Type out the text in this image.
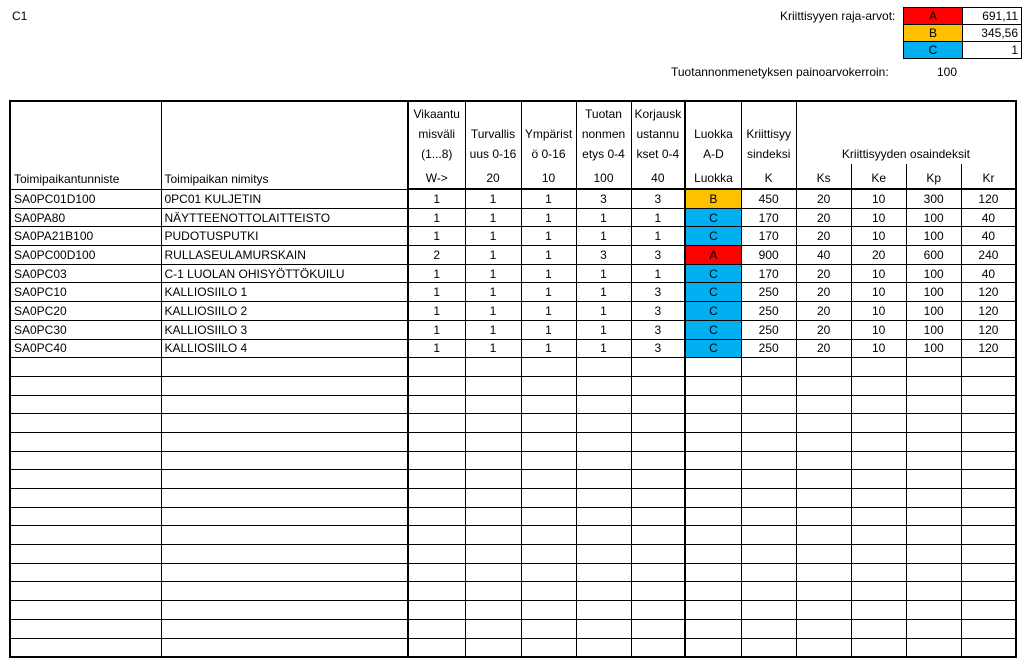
C1	Kriittisyyen raja-arvot:	A	691,11
B	345,56
C	1
Tuotannonmenetyksen painoarvokerroin:	100
Toimipaikantunniste	Toimipaikan nimitys	Vikaantu misväli (1...8)	Turvallis uus 0-16	Ympärist ö 0-16	Tuotan nonmen etys 0-4	Korjausk ustannu kset 0-4	Luokka A-D	Kriittisyy sindeksi	Kriittisyyden osaindeksit			
		W->	20	10	100	40	Luokka	K	Ks	Ke	Kp	Kr
SA0PC01D100	0PC01 KULJETIN	1	1	1	3	3	B	450	20	10	300	120
SA0PA80	NÄYTTEENOTTOLAITTEISTO	1	1	1	1	1	C	170	20	10	100	40
SA0PA21B100	PUDOTUSPUTKI	1	1	1	1	1	C	170	20	10	100	40
SA0PC00D100	RULLASEULAMURSKAIN	2	1	1	3	3	A	900	40	20	600	240
SA0PC03	C-1 LUOLAN OHISYÖTTÖKUILU	1	1	1	1	1	C	170	20	10	100	40
SA0PC10	KALLIOSIILO 1	1	1	1	1	3	C	250	20	10	100	120
SA0PC20	KALLIOSIILO 2	1	1	1	1	3	C	250	20	10	100	120
SA0PC30	KALLIOSIILO 3	1	1	1	1	3	C	250	20	10	100	120
SA0PC40	KALLIOSIILO 4	1	1	1	1	3	C	250	20	10	100	120
